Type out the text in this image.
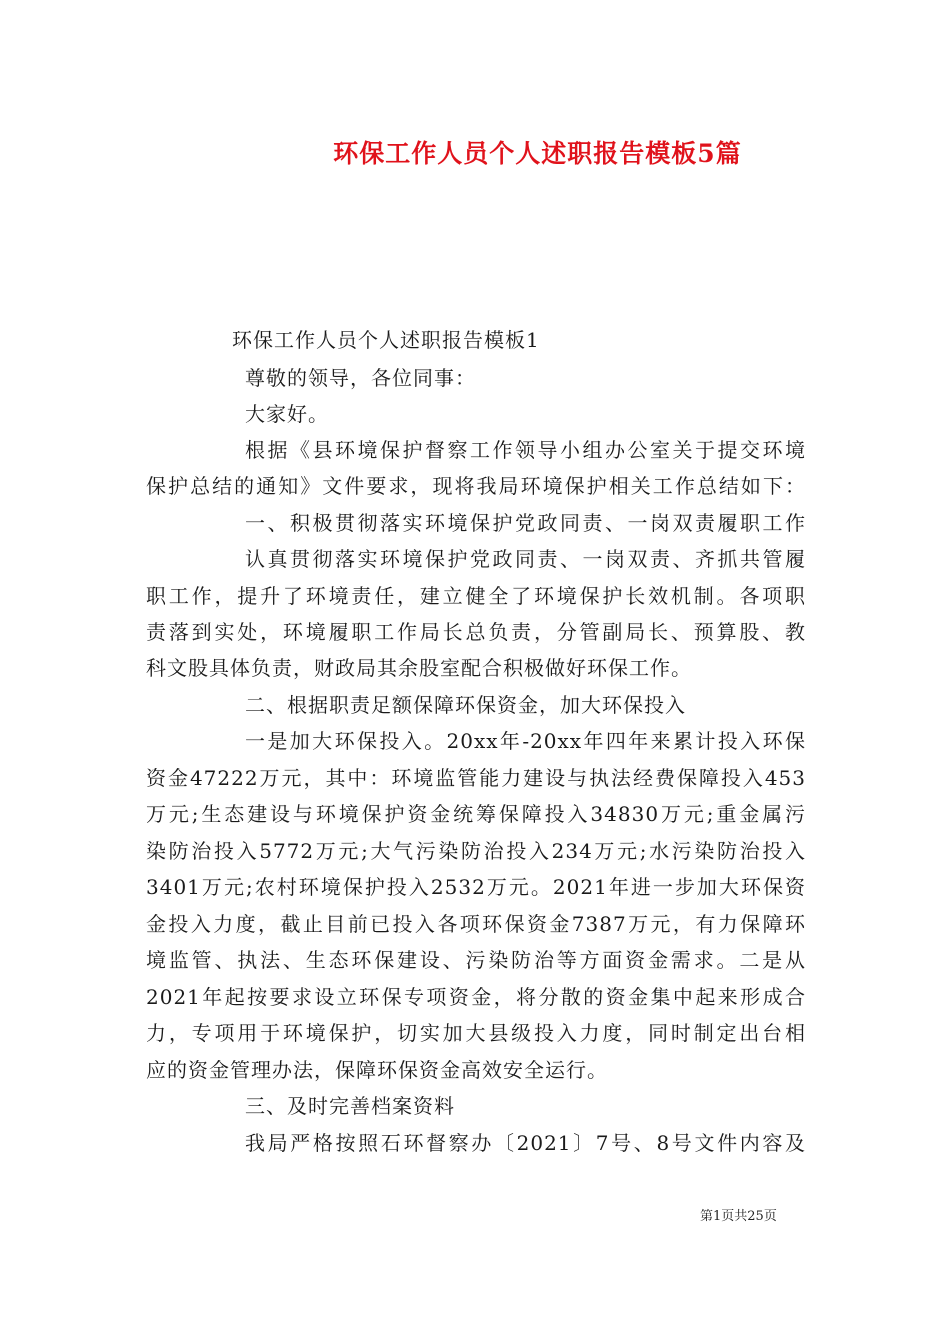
环保工作人员个人述职报告模板5篇
环保工作人员个人述职报告模板1
尊敬的领导，各位同事：
大家好。
根据《县环境保护督察工作领导小组办公室关于提交环境
保护总结的通知》文件要求，现将我局环境保护相关工作总结如下：
一、积极贯彻落实环境保护党政同责、一岗双责履职工作
认真贯彻落实环境保护党政同责、一岗双责、齐抓共管履
职工作，提升了环境责任，建立健全了环境保护长效机制。各项职
责落到实处，环境履职工作局长总负责，分管副局长、预算股、教
科文股具体负责，财政局其余股室配合积极做好环保工作。
二、根据职责足额保障环保资金，加大环保投入
一是加大环保投入。20xx年-20xx年四年来累计投入环保
资金47222万元，其中：环境监管能力建设与执法经费保障投入453
万元;生态建设与环境保护资金统筹保障投入34830万元;重金属污
染防治投入5772万元;大气污染防治投入234万元;水污染防治投入
3401万元;农村环境保护投入2532万元。2021年进一步加大环保资
金投入力度，截止目前已投入各项环保资金7387万元，有力保障环
境监管、执法、生态环保建设、污染防治等方面资金需求。二是从
2021年起按要求设立环保专项资金，将分散的资金集中起来形成合
力，专项用于环境保护，切实加大县级投入力度，同时制定出台相
应的资金管理办法，保障环保资金高效安全运行。
三、及时完善档案资料
我局严格按照石环督察办〔2021〕7号、8号文件内容及
第1页共25页
